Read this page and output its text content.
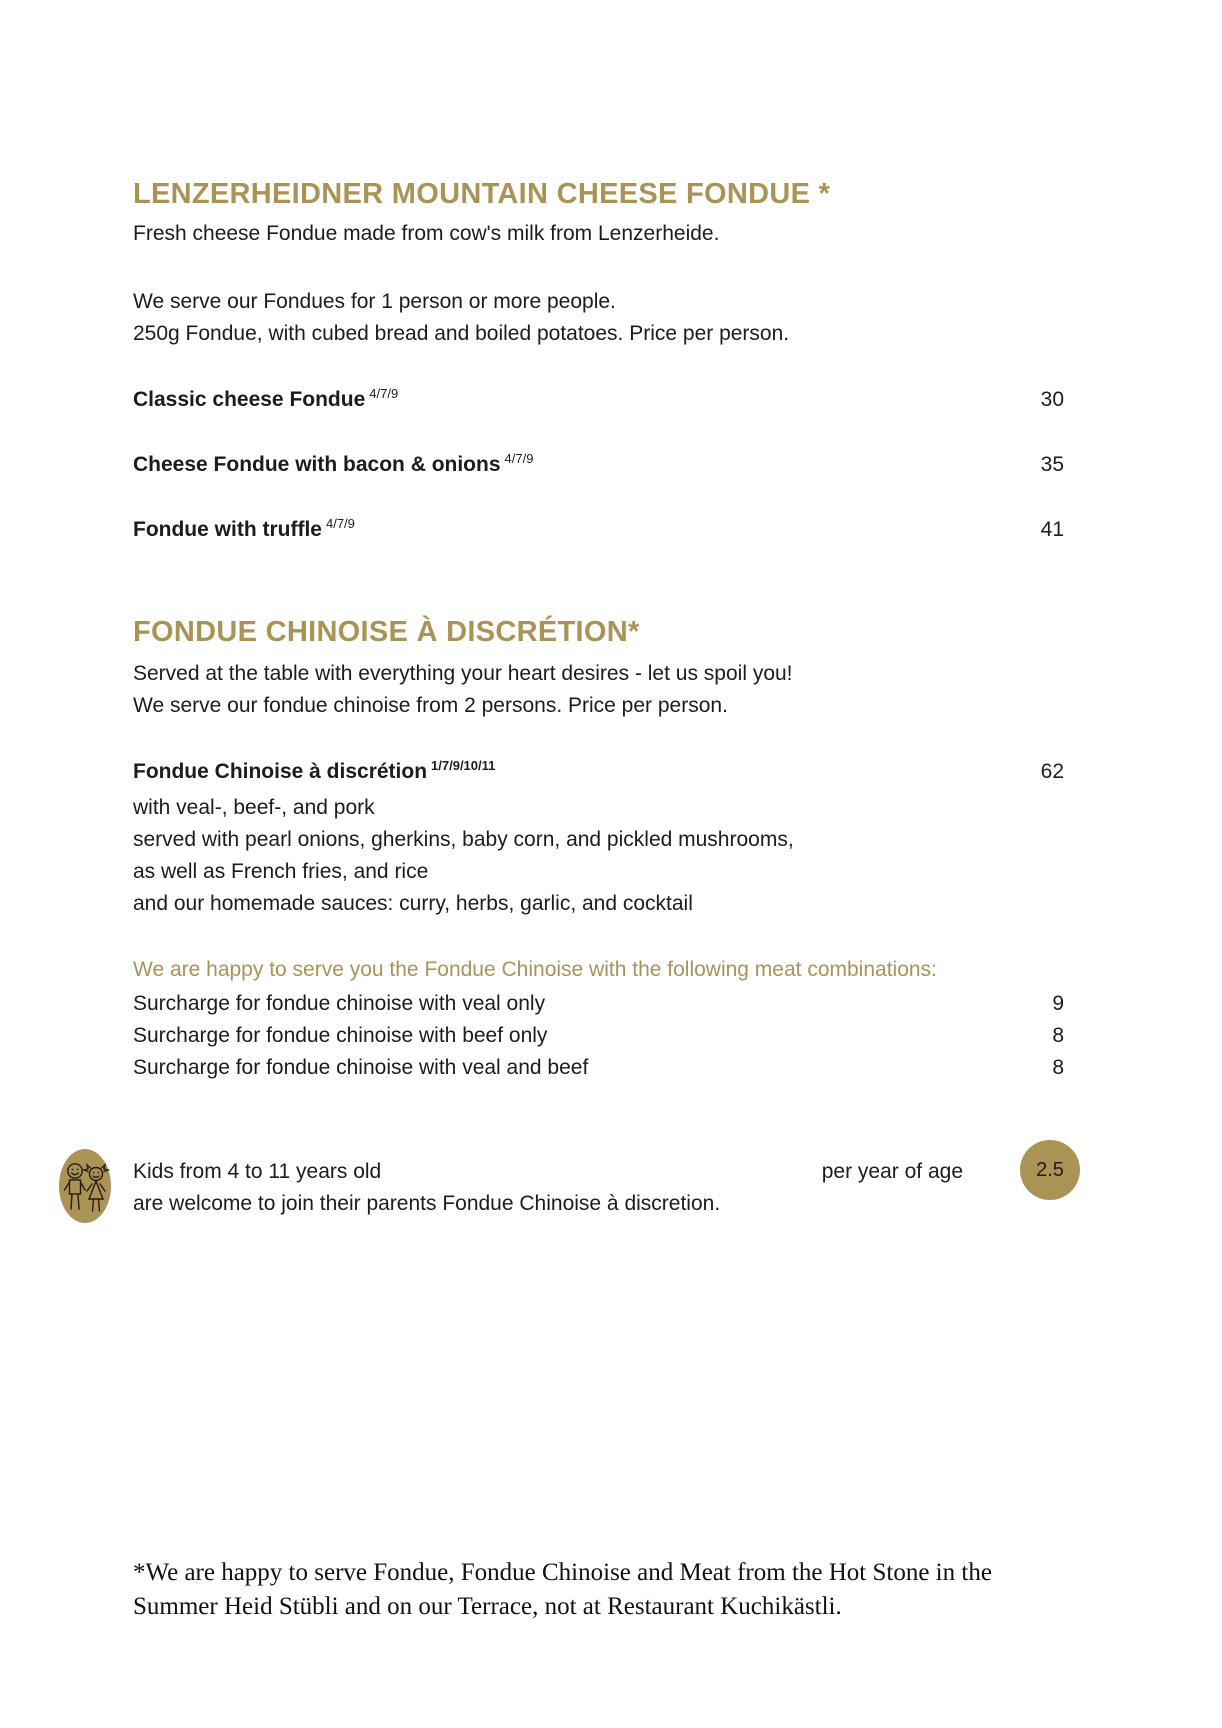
LENZERHEIDNER MOUNTAIN CHEESE FONDUE *
Fresh cheese Fondue made from cow's milk from Lenzerheide.
We serve our Fondues for 1 person or more people.
250g Fondue, with cubed bread and boiled potatoes. Price per person.
Classic cheese Fondue $^{4/7/9}$	30
Cheese Fondue with bacon & onions $^{4/7/9}$	35
Fondue with truffle $^{4/7/9}$	41
FONDUE CHINOISE À DISCRÉTION*
Served at the table with everything your heart desires - let us spoil you!
We serve our fondue chinoise from 2 persons. Price per person.
Fondue Chinoise à discrétion $^{1/7/9/10/11}$	62
with veal-, beef-, and pork
served with pearl onions, gherkins, baby corn, and pickled mushrooms,
as well as French fries, and rice
and our homemade sauces: curry, herbs, garlic, and cocktail
We are happy to serve you the Fondue Chinoise with the following meat combinations:
Surcharge for fondue chinoise with veal only	9
Surcharge for fondue chinoise with beef only	8
Surcharge for fondue chinoise with veal and beef	8
Kids from 4 to 11 years old	per year of age	2.5
are welcome to join their parents Fondue Chinoise à discretion.
*We are happy to serve Fondue, Fondue Chinoise and Meat from the Hot Stone in the
Summer Heid Stübli and on our Terrace, not at Restaurant Kuchikästli.
